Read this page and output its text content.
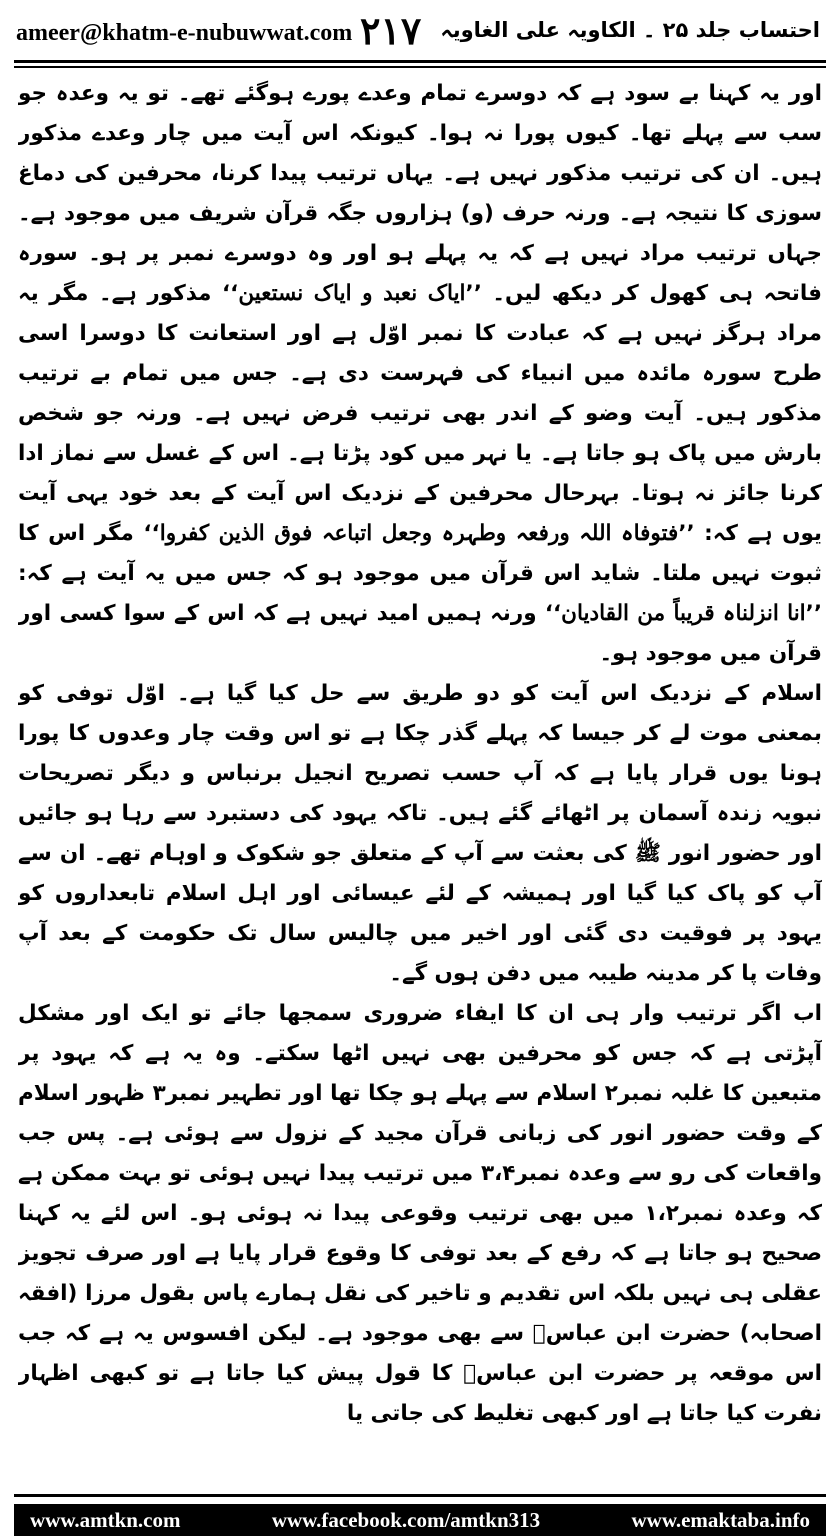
ameer@khatm-e-nubuwwat.com ۲۱۷ احتساب جلد ۲۵ ۔ الکاویہ علی الغاویہ

اور یہ کہنا بے سود ہے کہ دوسرے تمام وعدے پورے ہوگئے تھے۔ تو یہ وعدہ جو سب سے پہلے تھا۔ کیوں پورا نہ ہوا۔ کیونکہ اس آیت میں چار وعدے مذکور ہیں۔ ان کی ترتیب مذکور نہیں ہے۔ یہاں ترتیب پیدا کرنا، محرفین کی دماغ سوزی کا نتیجہ ہے۔ ورنہ حرف (و) ہزاروں جگہ قرآن شریف میں موجود ہے۔ جہاں ترتیب مراد نہیں ہے کہ یہ پہلے ہو اور وہ دوسرے نمبر پر ہو۔ سورہ فاتحہ ہی کھول کر دیکھ لیں۔ ’’ایاک نعبد و ایاک نستعین‘‘ مذکور ہے۔ مگر یہ مراد ہرگز نہیں ہے کہ عبادت کا نمبر اوّل ہے اور استعانت کا دوسرا اسی طرح سورہ مائدہ میں انبیاء کی فہرست دی ہے۔ جس میں تمام بے ترتیب مذکور ہیں۔ آیت وضو کے اندر بھی ترتیب فرض نہیں ہے۔ ورنہ جو شخص بارش میں پاک ہو جاتا ہے۔ یا نہر میں کود پڑتا ہے۔ اس کے غسل سے نماز ادا کرنا جائز نہ ہوتا۔ بہرحال محرفین کے نزدیک اس آیت کے بعد خود یہی آیت یوں ہے کہ: ’’فتوفاہ اللہ ورفعہ وطہرہ وجعل اتباعہ فوق الذین کفروا‘‘ مگر اس کا ثبوت نہیں ملتا۔ شاید اس قرآن میں موجود ہو کہ جس میں یہ آیت ہے کہ: ’’انا انزلناہ قریباً من القادیان‘‘ ورنہ ہمیں امید نہیں ہے کہ اس کے سوا کسی اور قرآن میں موجود ہو۔

اسلام کے نزدیک اس آیت کو دو طریق سے حل کیا گیا ہے۔ اوّل توفی کو بمعنی موت لے کر جیسا کہ پہلے گذر چکا ہے تو اس وقت چار وعدوں کا پورا ہونا یوں قرار پایا ہے کہ آپ حسب تصریح انجیل برنباس و دیگر تصریحات نبویہ زندہ آسمان پر اٹھائے گئے ہیں۔ تاکہ یہود کی دستبرد سے رہا ہو جائیں اور حضور انور ﷺ کی بعثت سے آپ کے متعلق جو شکوک و اوہام تھے۔ ان سے آپ کو پاک کیا گیا اور ہمیشہ کے لئے عیسائی اور اہل اسلام تابعداروں کو یہود پر فوقیت دی گئی اور اخیر میں چالیس سال تک حکومت کے بعد آپ وفات پا کر مدینہ طیبہ میں دفن ہوں گے۔

اب اگر ترتیب وار ہی ان کا ایفاء ضروری سمجھا جائے تو ایک اور مشکل آپڑتی ہے کہ جس کو محرفین بھی نہیں اٹھا سکتے۔ وہ یہ ہے کہ یہود پر متبعین کا غلبہ نمبر۲ اسلام سے پہلے ہو چکا تھا اور تطہیر نمبر۳ ظہور اسلام کے وقت حضور انور کی زبانی قرآن مجید کے نزول سے ہوئی ہے۔ پس جب واقعات کی رو سے وعدہ نمبر۳،۴ میں ترتیب پیدا نہیں ہوئی تو بہت ممکن ہے کہ وعدہ نمبر۱،۲ میں بھی ترتیب وقوعی پیدا نہ ہوئی ہو۔ اس لئے یہ کہنا صحیح ہو جاتا ہے کہ رفع کے بعد توفی کا وقوع قرار پایا ہے اور صرف تجویز عقلی ہی نہیں بلکہ اس تقدیم و تاخیر کی نقل ہمارے پاس بقول مرزا (افقہ اصحابہ) حضرت ابن عباسؓ سے بھی موجود ہے۔ لیکن افسوس یہ ہے کہ جب اس موقعہ پر حضرت ابن عباسؓ کا قول پیش کیا جاتا ہے تو کبھی اظہار نفرت کیا جاتا ہے اور کبھی تغلیط کی جاتی یا

www.amtkn.com	www.facebook.com/amtkn313	www.emaktaba.info
